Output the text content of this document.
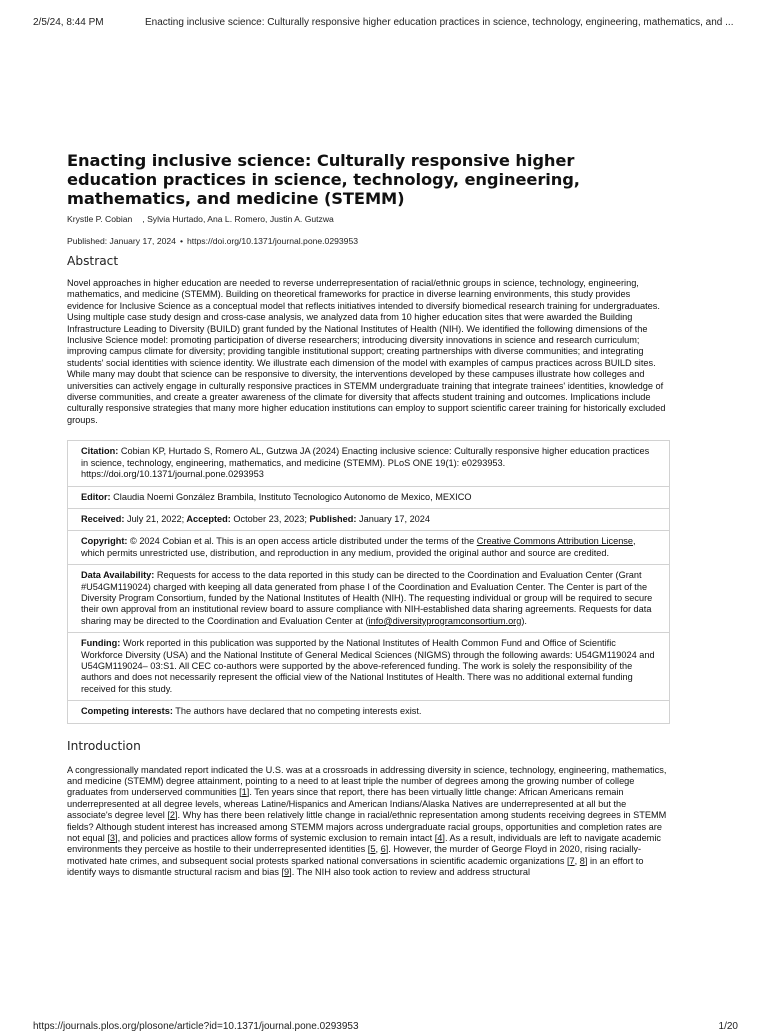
2/5/24, 8:44 PM	Enacting inclusive science: Culturally responsive higher education practices in science, technology, engineering, mathematics, and ...
Enacting inclusive science: Culturally responsive higher education practices in science, technology, engineering, mathematics, and medicine (STEMM)
Krystle P. Cobian , Sylvia Hurtado, Ana L. Romero, Justin A. Gutzwa
Published: January 17, 2024 • https://doi.org/10.1371/journal.pone.0293953
Abstract

Novel approaches in higher education are needed to reverse underrepresentation of racial/ethnic groups in science, technology, engineering, mathematics, and medicine (STEMM). Building on theoretical frameworks for practice in diverse learning environments, this study provides evidence for Inclusive Science as a conceptual model that reflects initiatives intended to diversify biomedical research training for undergraduates. Using multiple case study design and cross-case analysis, we analyzed data from 10 higher education sites that were awarded the Building Infrastructure Leading to Diversity (BUILD) grant funded by the National Institutes of Health (NIH). We identified the following dimensions of the Inclusive Science model: promoting participation of diverse researchers; introducing diversity innovations in science and research curriculum; improving campus climate for diversity; providing tangible institutional support; creating partnerships with diverse communities; and integrating students' social identities with science identity. We illustrate each dimension of the model with examples of campus practices across BUILD sites. While many may doubt that science can be responsive to diversity, the interventions developed by these campuses illustrate how colleges and universities can actively engage in culturally responsive practices in STEMM undergraduate training that integrate trainees' identities, knowledge of diverse communities, and create a greater awareness of the climate for diversity that affects student training and outcomes. Implications include culturally responsive strategies that many more higher education institutions can employ to support scientific career training for historically excluded groups.

Citation: Cobian KP, Hurtado S, Romero AL, Gutzwa JA (2024) Enacting inclusive science: Culturally responsive higher education practices in science, technology, engineering, mathematics, and medicine (STEMM). PLoS ONE 19(1): e0293953. https://doi.org/10.1371/journal.pone.0293953
Editor: Claudia Noemi González Brambila, Instituto Tecnologico Autonomo de Mexico, MEXICO
Received: July 21, 2022; Accepted: October 23, 2023; Published: January 17, 2024
Copyright: © 2024 Cobian et al. This is an open access article distributed under the terms of the Creative Commons Attribution License, which permits unrestricted use, distribution, and reproduction in any medium, provided the original author and source are credited.
Data Availability: Requests for access to the data reported in this study can be directed to the Coordination and Evaluation Center (Grant #U54GM119024) charged with keeping all data generated from phase I of the Coordination and Evaluation Center. The Center is part of the Diversity Program Consortium, funded by the National Institutes of Health (NIH). The requesting individual or group will be required to secure their own approval from an institutional review board to assure compliance with NIH-established data sharing agreements. Requests for data sharing may be directed to the Coordination and Evaluation Center at (info@diversityprogramconsortium.org).
Funding: Work reported in this publication was supported by the National Institutes of Health Common Fund and Office of Scientific Workforce Diversity (USA) and the National Institute of General Medical Sciences (NIGMS) through the following awards: U54GM119024 and U54GM119024– 03:S1. All CEC co-authors were supported by the above-referenced funding. The work is solely the responsibility of the authors and does not necessarily represent the official view of the National Institutes of Health. There was no additional external funding received for this study.
Competing interests: The authors have declared that no competing interests exist.
Introduction

A congressionally mandated report indicated the U.S. was at a crossroads in addressing diversity in science, technology, engineering, mathematics, and medicine (STEMM) degree attainment, pointing to a need to at least triple the number of degrees among the growing number of college graduates from underserved communities [1]. Ten years since that report, there has been virtually little change: African Americans remain underrepresented at all degree levels, whereas Latine/Hispanics and American Indians/Alaska Natives are underrepresented at all but the associate's degree level [2]. Why has there been relatively little change in racial/ethnic representation among students receiving degrees in STEMM fields? Although student interest has increased among STEMM majors across undergraduate racial groups, opportunities and completion rates are not equal [3], and policies and practices allow forms of systemic exclusion to remain intact [4]. As a result, individuals are left to navigate academic environments they perceive as hostile to their underrepresented identities [5, 6]. However, the murder of George Floyd in 2020, rising racially-motivated hate crimes, and subsequent social protests sparked national conversations in scientific academic organizations [7, 8] in an effort to identify ways to dismantle structural racism and bias [9]. The NIH also took action to review and address structural

https://journals.plos.org/plosone/article?id=10.1371/journal.pone.0293953	1/20
